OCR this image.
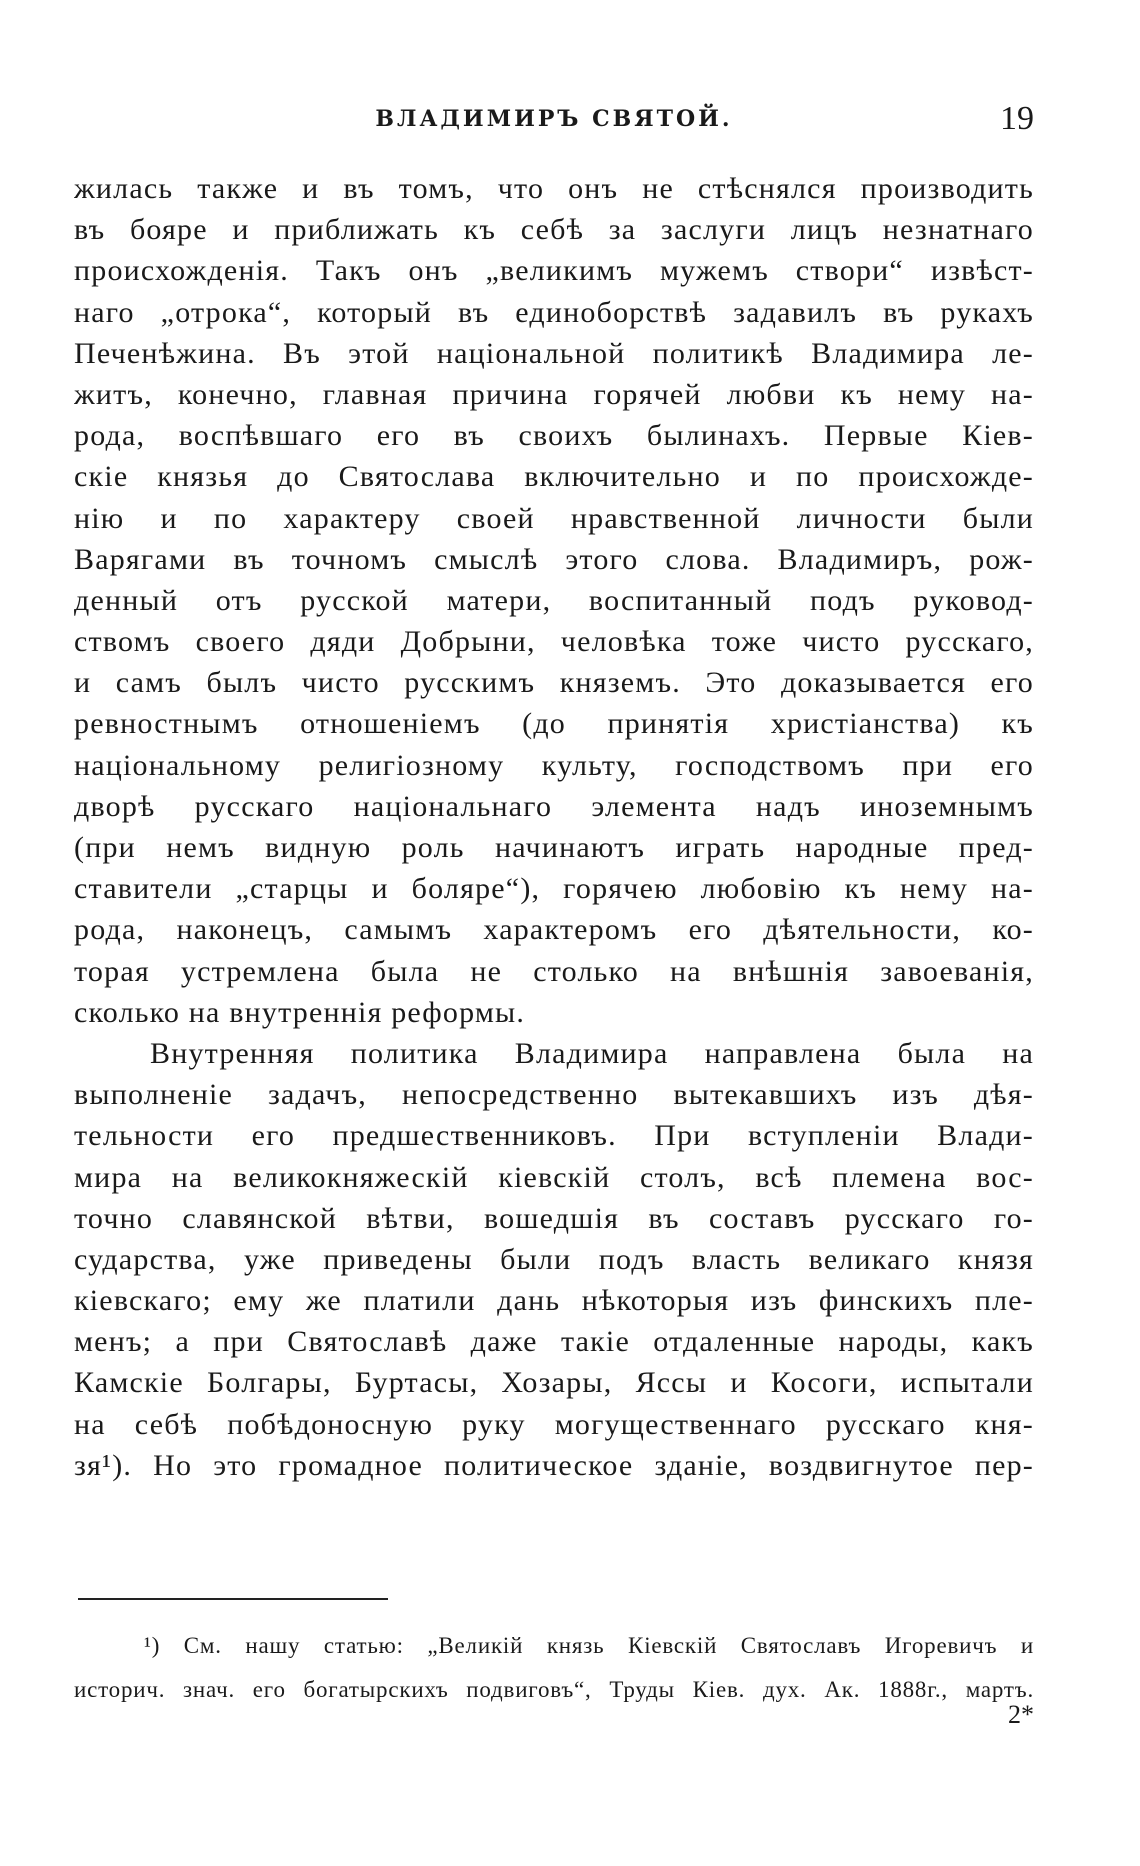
ВЛАДИМИРЪ СВЯТОЙ.	19
жилась также и въ томъ, что онъ не стѣснялся производить
въ бояре и приближать къ себѣ за заслуги лицъ незнатнаго
происхожденія. Такъ онъ „великимъ мужемъ створи“ извѣст-
наго „отрока“, который въ единоборствѣ задавилъ въ рукахъ
Печенѣжина. Въ этой національной политикѣ Владимира ле-
житъ, конечно, главная причина горячей любви къ нему на-
рода, воспѣвшаго его въ своихъ былинахъ. Первые Кіев-
скіе князья до Святослава включительно и по происхожде-
нію и по характеру своей нравственной личности были
Варягами въ точномъ смыслѣ этого слова. Владимиръ, рож-
денный отъ русской матери, воспитанный подъ руковод-
ствомъ своего дяди Добрыни, человѣка тоже чисто русскаго,
и самъ былъ чисто русскимъ княземъ. Это доказывается его
ревностнымъ отношеніемъ (до принятія христіанства) къ
національному религіозному культу, господствомъ при его
дворѣ русскаго національнаго элемента надъ иноземнымъ
(при немъ видную роль начинаютъ играть народные пред-
ставители „старцы и боляре“), горячею любовію къ нему на-
рода, наконецъ, самымъ характеромъ его дѣятельности, ко-
торая устремлена была не столько на внѣшнія завоеванія,
сколько на внутреннія реформы.
Внутренняя политика Владимира направлена была на
выполненіе задачъ, непосредственно вытекавшихъ изъ дѣя-
тельности его предшественниковъ. При вступленіи Влади-
мира на великокняжескій кіевскій столъ, всѣ племена вос-
точно славянской вѣтви, вошедшія въ составъ русскаго го-
сударства, уже приведены были подъ власть великаго князя
кіевскаго; ему же платили дань нѣкоторыя изъ финскихъ пле-
менъ; а при Святославѣ даже такіе отдаленные народы, какъ
Камскіе Болгары, Буртасы, Хозары, Ясcы и Косоги, испытали
на себѣ побѣдоносную руку могущественнаго русскаго кня-
зя¹). Но это громадное политическое зданіе, воздвигнутое пер-
¹) См. нашу статью: „Великій князь Кіевскій Святославъ Игоревичъ и
историч. знач. его богатырскихъ подвиговъ“, Труды Кіев. дух. Ак. 1888г., мартъ.
2*
